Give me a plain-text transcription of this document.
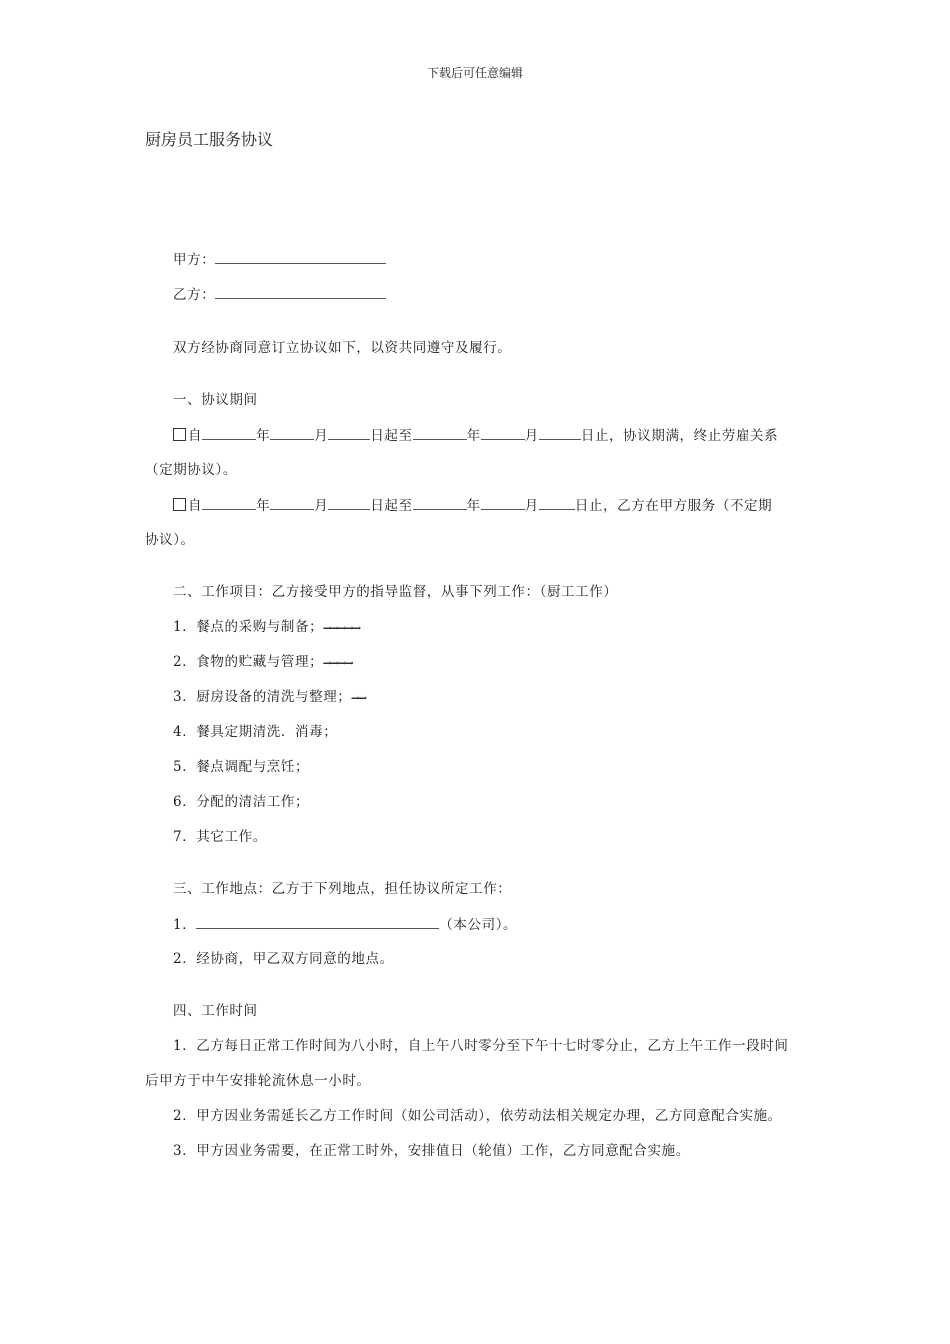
下载后可任意编辑
厨房员工服务协议
甲方：
乙方：
双方经协商同意订立协议如下，以资共同遵守及履行。
一、协议期间
自	年	月	日起至	年	月	日止，协议期满，终止劳雇关系
（定期协议）。
自	年	月	日起至	年	月	日止，乙方在甲方服务（不定期
协议）。
二、工作项目：乙方接受甲方的指导监督，从事下列工作：（厨工工作）
1．餐点的采购与制备；→→→→→
2．食物的贮藏与管理；→→→→
3．厨房设备的清洗与整理；→→
4．餐具定期清洗．消毒；
5．餐点调配与烹饪；
6．分配的清洁工作；
7．其它工作。
三、工作地点：乙方于下列地点，担任协议所定工作：
1．	（本公司）。
2．经协商，甲乙双方同意的地点。
四、工作时间
1．乙方每日正常工作时间为八小时，自上午八时零分至下午十七时零分止，乙方上午工作一段时间
后甲方于中午安排轮流休息一小时。
2．甲方因业务需延长乙方工作时间（如公司活动），依劳动法相关规定办理，乙方同意配合实施。
3．甲方因业务需要，在正常工时外，安排值日（轮值）工作，乙方同意配合实施。
